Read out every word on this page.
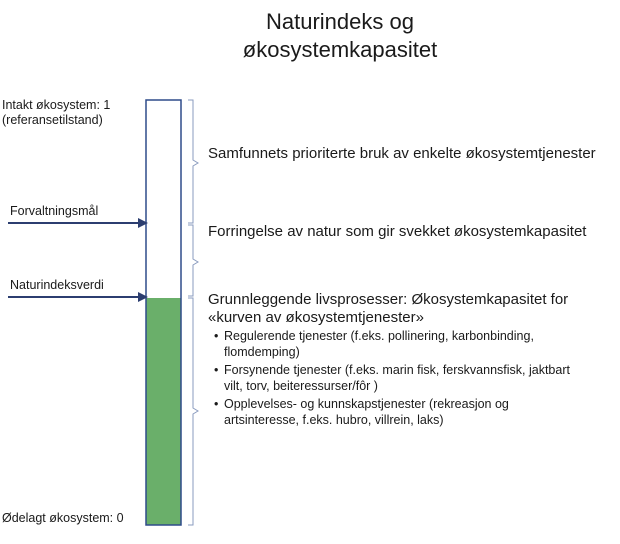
Naturindeks og
økosystemkapasitet
Intakt økosystem: 1
(referansetilstand)
Forvaltningsmål
Naturindeksverdi
Ødelagt økosystem: 0
Samfunnets prioriterte bruk av enkelte økosystemtjenester
Forringelse av natur som gir svekket økosystemkapasitet
Grunnleggende livsprosesser: Økosystemkapasitet for
«kurven av økosystemtjenester»
• Regulerende tjenester (f.eks. pollinering, karbonbinding,
flomdemping)
• Forsynende tjenester (f.eks. marin fisk, ferskvannsfisk, jaktbart
vilt, torv, beiteressurser/fôr )
• Opplevelses- og kunnskapstjenester (rekreasjon og
artsinteresse, f.eks. hubro, villrein, laks)
